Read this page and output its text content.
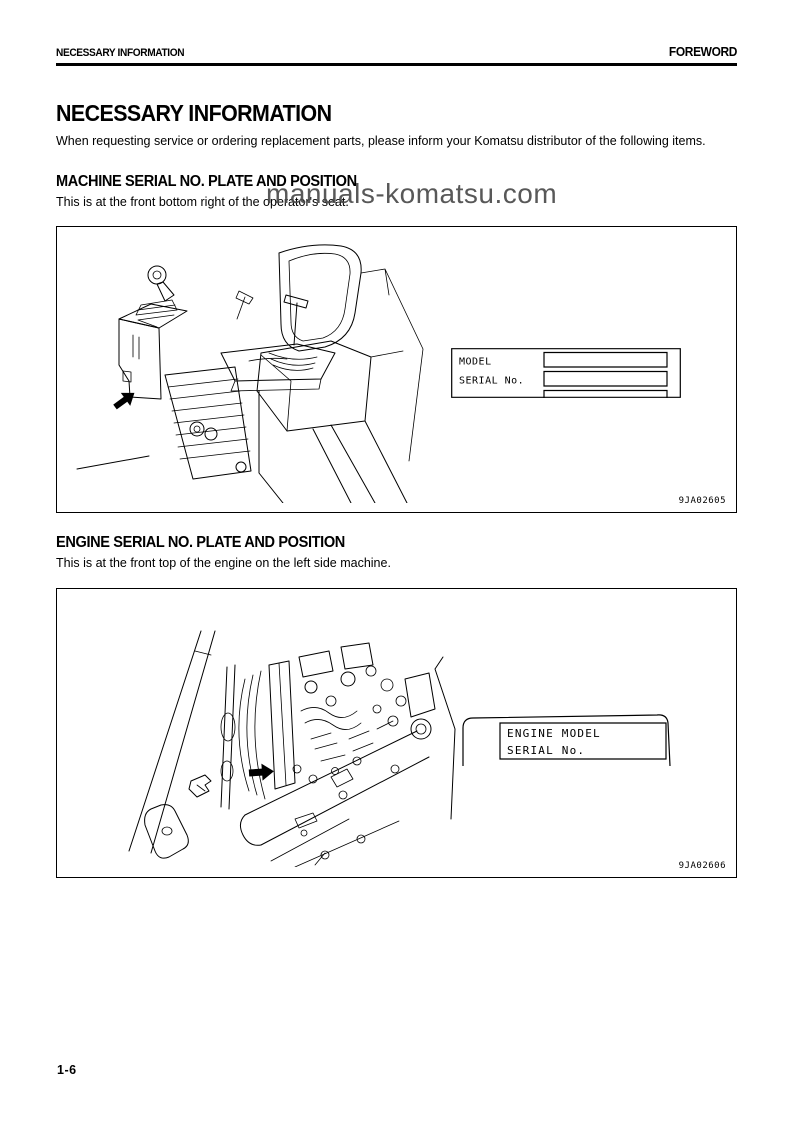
NECESSARY INFORMATION	FOREWORD
NECESSARY INFORMATION

When requesting service or ordering replacement parts, please inform your Komatsu distributor of the following items.

MACHINE SERIAL NO. PLATE AND POSITION

This is at the front bottom right of the operator's seat.

manuals-komatsu.com
MODEL
SERIAL No.
9JA02605
ENGINE SERIAL NO. PLATE AND POSITION

This is at the front top of the engine on the left side machine.

ENGINE MODEL
SERIAL No.
9JA02606
1-6
